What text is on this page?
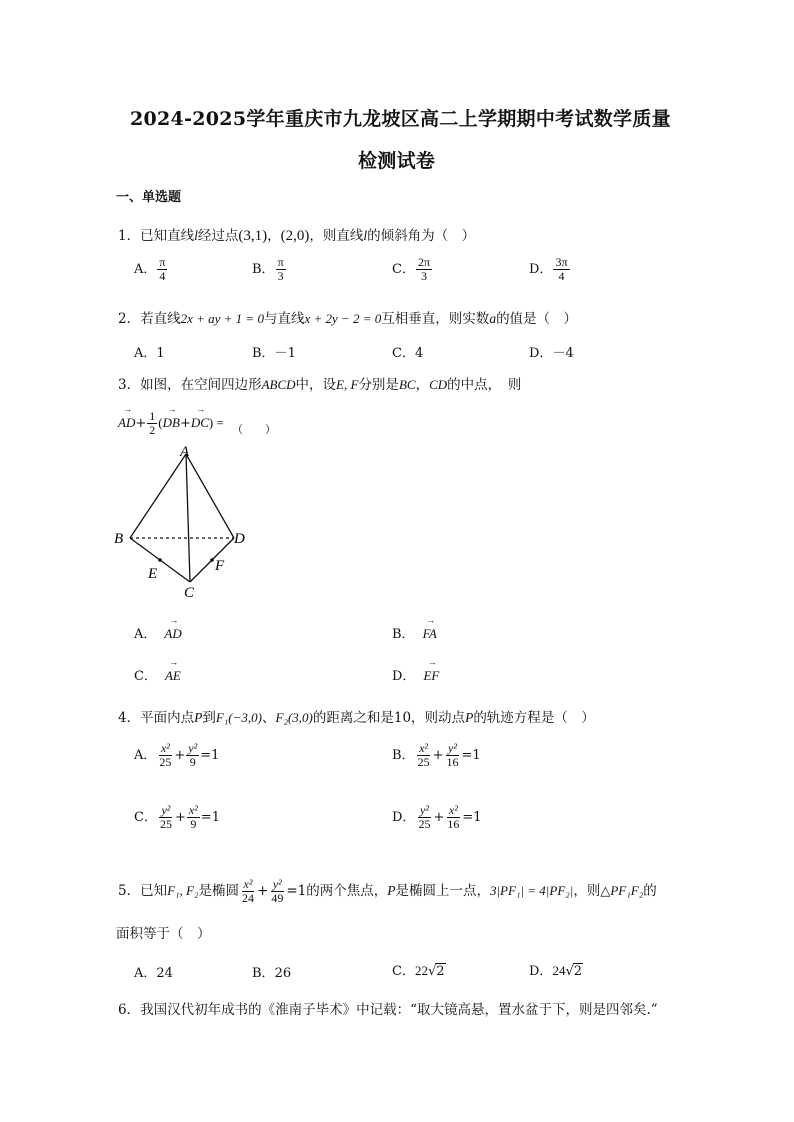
2024-2025学年重庆市九龙坡区高二上学期期中考试数学质量
检测试卷
一、单选题
1．已知直线l经过点(3,1)，(2,0)，则直线l的倾斜角为（　）
A． $\frac{\pi}{4}$	B． $\frac{\pi}{3}$	C． $\frac{2\pi}{3}$	D． $\frac{3\pi}{4}$
2．若直线2x + ay + 1 = 0与直线x + 2y − 2 = 0互相垂直，则实数a的值是（　）
A．1	B．－1	C．4	D．－4
3．如图，在空间四边形ABCD中，设E, F分别是BC，CD的中点，　则
→ $AD+ \frac{1}{2}$ (→ DB+→ DC) = $_{( )}$
A
B	D
C
E	F
A． → AD	B． → FA
C． → AE	D． → EF
4．平面内点P到F₁(−3,0)、F₂(3,0)的距离之和是10，则动点P的轨迹方程是（　）
A． $\frac{\text{x²}}{25} + \frac{\text{y²}}{9} =1$	B． $\frac{\text{x²}}{25} + \frac{\text{y²}}{16} =1$
C． $\frac{\text{y²}}{25} + \frac{\text{x²}}{9} =1$	D． $\frac{\text{y²}}{25} + \frac{\text{x²}}{16} =1$
5．已知F₁, F₂是椭圆 $\frac{\text{x²}}{24} + \frac{\text{y²}}{49} =1$的两个焦点，P是椭圆上一点，3|PF₁| = 4|PF₂|，则△PF₁F₂的
面积等于（　）
A．24	B．26	C．22√2	D．24√2
6．我国汉代初年成书的《淮南子毕术》中记载：“取大镜高悬，置水盆于下，则是四邻矣.”
